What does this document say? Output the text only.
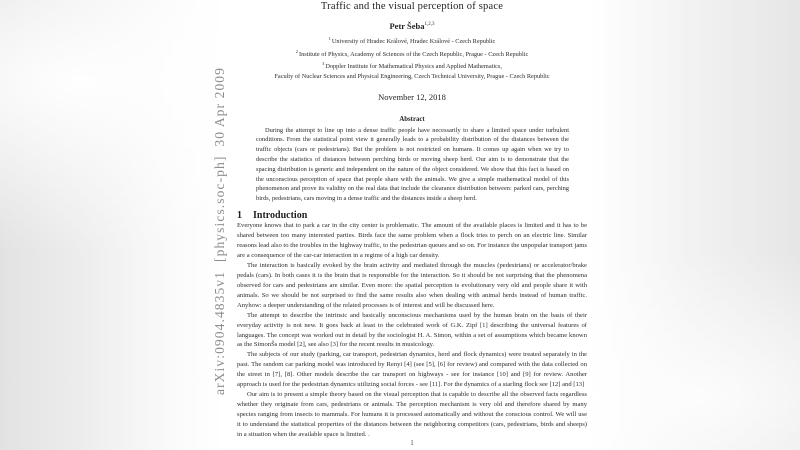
arXiv:0904.4835v1  [physics.soc-ph]  30 Apr 2009
Traffic and the visual perception of space
Petr Šeba$^{1,2,3}$
$^1$University of Hradec Králové, Hradec Králové - Czech Republic
$^2$Institute of Physics, Academy of Sciences of the Czech Republic, Prague - Czech Republic
$^3$Doppler Institute for Mathematical Physics and Applied Mathematics,
Faculty of Nuclear Sciences and Physical Engineering, Czech Technical University, Prague - Czech Republic
November 12, 2018
Abstract
During the attempt to line up into a dense traffic people have necessarily to share a limited space under turbulent conditions. From the statistical point view it generally leads to a probability distribution of the distances between the traffic objects (cars or pedestrians). But the problem is not restricted on humans. It comes up again when we try to describe the statistics of distances between perching birds or moving sheep herd. Our aim is to demonstrate that the spacing distribution is generic and independent on the nature of the object considered. We show that this fact is based on the unconscious perception of space that people share with the animals. We give a simple mathematical model of this phenomenon and prove its validity on the real data that include the clearance distribution between: parked cars, perching birds, pedestrians, cars moving in a dense traffic and the distances inside a sheep herd.
1 Introduction
Everyone knows that to park a car in the city center is problematic. The amount of the available places is limited and it has to be shared between too many interested parties. Birds face the same problem when a flock tries to perch on an electric line. Similar reasons lead also to the troubles in the highway traffic, to the pedestrian queues and so on. For instance the unpopular transport jams are a consequence of the car-car interaction in a regime of a high car density.
The interaction is basically evoked by the brain activity and mediated through the muscles (pedestrians) or accelerator/brake pedals (cars). In both cases it is the brain that is responsible for the interaction. So it should be not surprising that the phenomena observed for cars and pedestrians are similar. Even more: the spatial perception is evolutionary very old and people share it with animals. So we should be not surprised to find the same results also when dealing with animal herds instead of human traffic. Anyhow: a deeper understanding of the related processes is of interest and will be discussed here.
The attempt to describe the intrinsic and basically unconscious mechanisms used by the human brain on the basis of their everyday activity is not new. It goes back at least to the celebrated work of G.K. Zipf [1] describing the universal features of languages. The concept was worked out in detail by the sociologist H. A. Simon, within a set of assumptions which became known as the SimonŠs model [2], see also [3] for the recent results in musicology.
The subjects of our study (parking, car transport, pedestrian dynamics, herd and flock dynamics) were treated separately in the past. The random car parking model was introduced by Renyi [4] (see [5], [6] for review) and compared with the data collected on the street in [7], [8]. Other models describe the car transport on highways - see for instance [10] and [9] for review. Another approach is used for the pedestrian dynamics utilizing social forces - see [11]. For the dynamics of a starling flock see [12] and [13]
Our aim is to present a simple theory based on the visual perception that is capable to describe all the observed facts regardless whether they originate from cars, pedestrians or animals. The perception mechanism is very old and therefore shared by many species ranging from insects to mammals. For humans it is processed automatically and without the conscious control. We will use it to understand the statistical properties of the distances between the neighboring competitors (cars, pedestrians, birds and sheeps) in a situation when the available space is limited. .
1
